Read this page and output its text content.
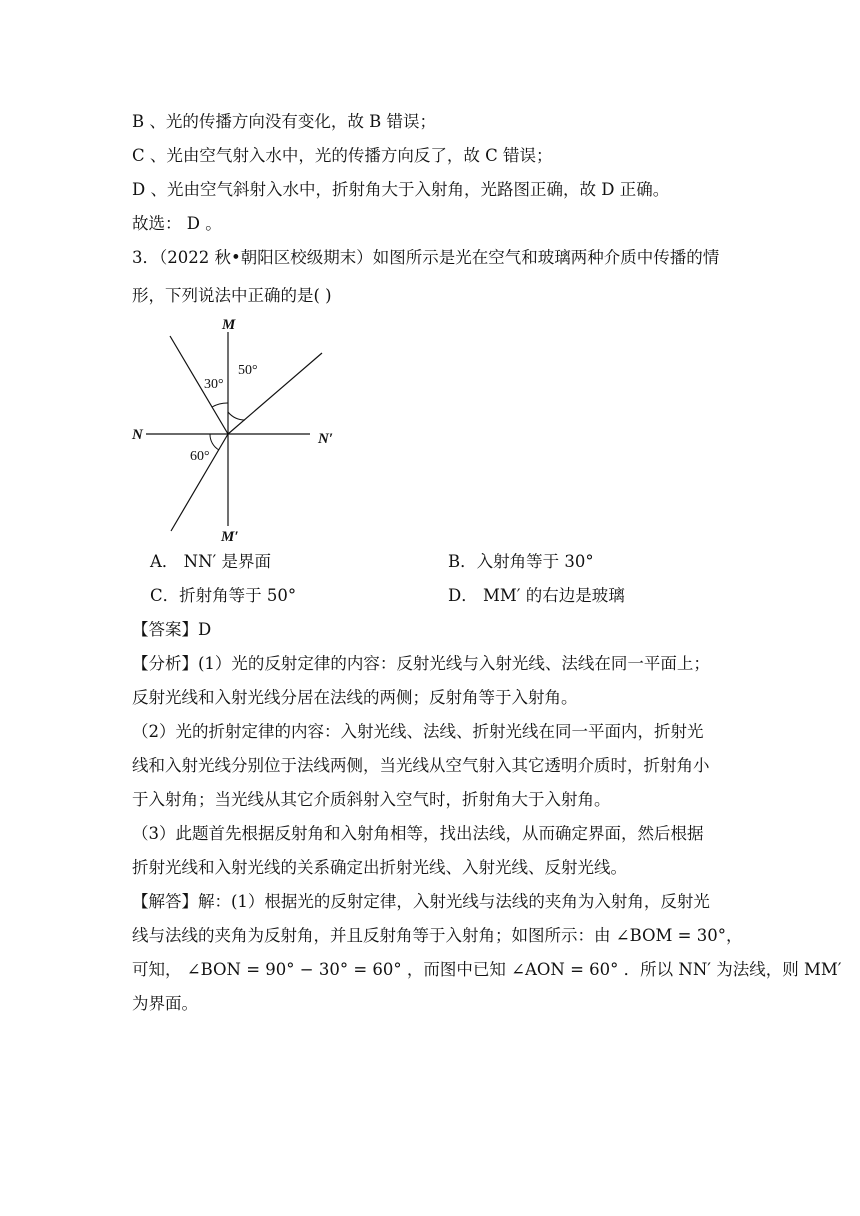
B 、光的传播方向没有变化，故 B 错误；
C 、光由空气射入水中，光的传播方向反了，故 C 错误；
D 、光由空气斜射入水中，折射角大于入射角，光路图正确，故 D 正确。
故选： D 。
3．（2022 秋•朝阳区校级期末）如图所示是光在空气和玻璃两种介质中传播的情
形，下列说法中正确的是( )
M
M′
N	N′
30°
50°
60°
A． NN′ 是界面	B．入射角等于 30°
C．折射角等于 50°	D． MM′ 的右边是玻璃
【答案】D
【分析】(1）光的反射定律的内容：反射光线与入射光线、法线在同一平面上；
反射光线和入射光线分居在法线的两侧；反射角等于入射角。
（2）光的折射定律的内容：入射光线、法线、折射光线在同一平面内，折射光
线和入射光线分别位于法线两侧，当光线从空气射入其它透明介质时，折射角小
于入射角；当光线从其它介质斜射入空气时，折射角大于入射角。
（3）此题首先根据反射角和入射角相等，找出法线，从而确定界面，然后根据
折射光线和入射光线的关系确定出折射光线、入射光线、反射光线。
【解答】解：(1）根据光的反射定律，入射光线与法线的夹角为入射角，反射光
线与法线的夹角为反射角，并且反射角等于入射角；如图所示：由 ∠BOM = 30°，
可知， ∠BON = 90° − 30° = 60° ，而图中已知 ∠AON = 60° ．所以 NN′ 为法线，则 MM′
为界面。
